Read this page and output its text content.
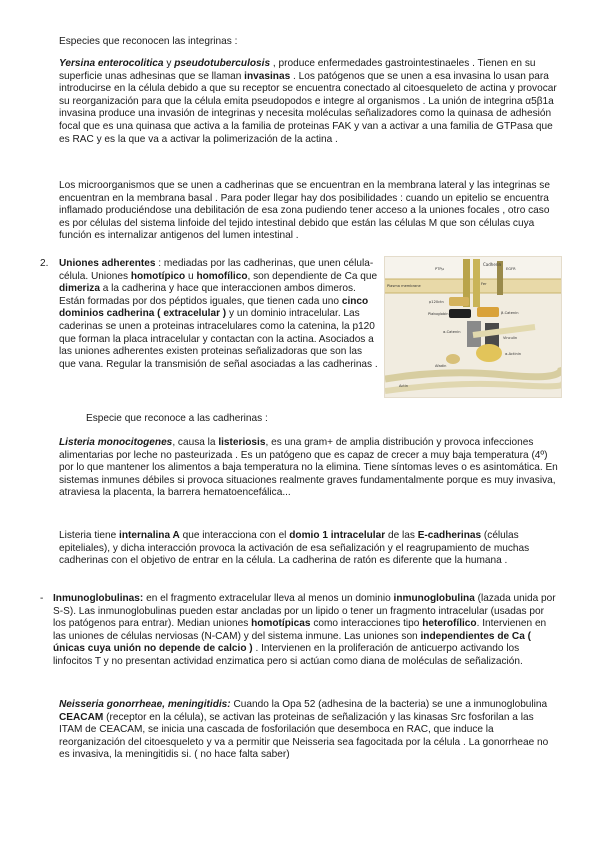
Especies que reconocen las integrinas :

Yersina enterocolitica y pseudotuberculosis , produce enfermedades gastrointestinaeles . Tienen en su superficie unas adhesinas que se llaman invasinas . Los patógenos que se unen a esa invasina lo usan para introducirse en la célula debido a que su receptor se encuentra conectado al citoesqueleto de actina y provocar su reorganización para que la célula emita pseudopodos e integre al organismos . La unión de integrina α5β1a invasina produce una invasión de integrinas y necesita moléculas señalizadores como la quinasa de adhesión focal que es una quinasa que activa a la familia de proteinas FAK y van a activar a una familia de GTPasa que es RAC y es la que va a activar la polimerización de la actina .

Los microorganismos que se unen a cadherinas que se encuentran en la membrana lateral y las integrinas se encuentran en la membrana basal . Para poder llegar hay dos posibilidades : cuando un epitelio se encuentra inflamado produciéndose una debilitación de esa zona pudiendo tener acceso a la uniones focales , otro caso es por células del sistema linfoide del tejido intestinal debido que están las células M que son células cuya función es internalizar antigenos del lumen intestinal .

2. Uniones adherentes : mediadas por las cadherinas, que unen célula-célula. Uniones homotípico u homofílico, son dependiente de Ca que dimeriza a la cadherina y hace que interaccionen ambos dimeros. Están formadas por dos péptidos iguales, que tienen cada uno cinco dominios cadherina ( extracelular ) y un dominio intracelular. Las caderinas se unen a proteinas intracelulares como la catenina, la p120 que forman la placa intracelular y contactan con la actina. Asociados a las uniones adherentes existen proteinas señalizadoras que son las que vana. Regular la transmisión de señal asociadas a las cadherinas .

Cadherin
Plasma membrane
PTPμ
Fer
EGFR
p120ctn
Plakoglobin	β-Catenin
α-Catenin
Vinculin
α-Actinin
Afadin
Actin

Especie que reconoce a las cadherinas :

Listeria monocitogenes, causa la listeriosis, es una gram+ de amplia distribución y provoca infecciones alimentarias por leche no pasteurizada . Es un patógeno que es capaz de crecer a muy baja temperatura (4º) por lo que mantener los alimentos a baja temperatura no la elimina. Tiene síntomas leves o es asintomática. En sistemas inmunes débiles si provoca situaciones realmente graves fundamentalmente porque es muy invasiva, atraviesa la placenta, la barrera hematoencefálica...

Listeria tiene internalina A que interacciona con el domio 1 intracelular de las E-cadherinas (células epiteliales), y dicha interacción provoca la activación de esa señalización y el reagrupamiento de muchas cadherinas con el objetivo de entrar en la célula. La cadherina de ratón es diferente que la humana .

- Inmunoglobulinas: en el fragmento extracelular lleva al menos un dominio inmunoglobulina (lazada unida por S-S). Las inmunoglobulinas pueden estar ancladas por un lipido o tener un fragmento intracelular (usadas por los patógenos para entrar). Median uniones homotípicas como interacciones tipo heterofílico. Intervienen en las uniones de células nerviosas (N-CAM) y del sistema inmune. Las uniones son independientes de Ca ( únicas cuya unión no depende de calcio ) . Intervienen en la proliferación de anticuerpo activando los linfocitos T y no presentan actividad enzimatica pero si actúan como diana de moléculas de señalización.

Neisseria gonorrheae, meningitidis: Cuando la Opa 52 (adhesina de la bacteria) se une a inmunoglobulina CEACAM (receptor en la célula), se activan las proteinas de señalización y las kinasas Src fosforilan a las ITAM de CEACAM, se inicia una cascada de fosforilación que desemboca en RAC, que induce la reorganización del citoesqueleto y va a permitir que Neisseria sea fagocitada por la célula . La gonorrheae no es invasiva, la meningitidis si. ( no hace falta saber)
